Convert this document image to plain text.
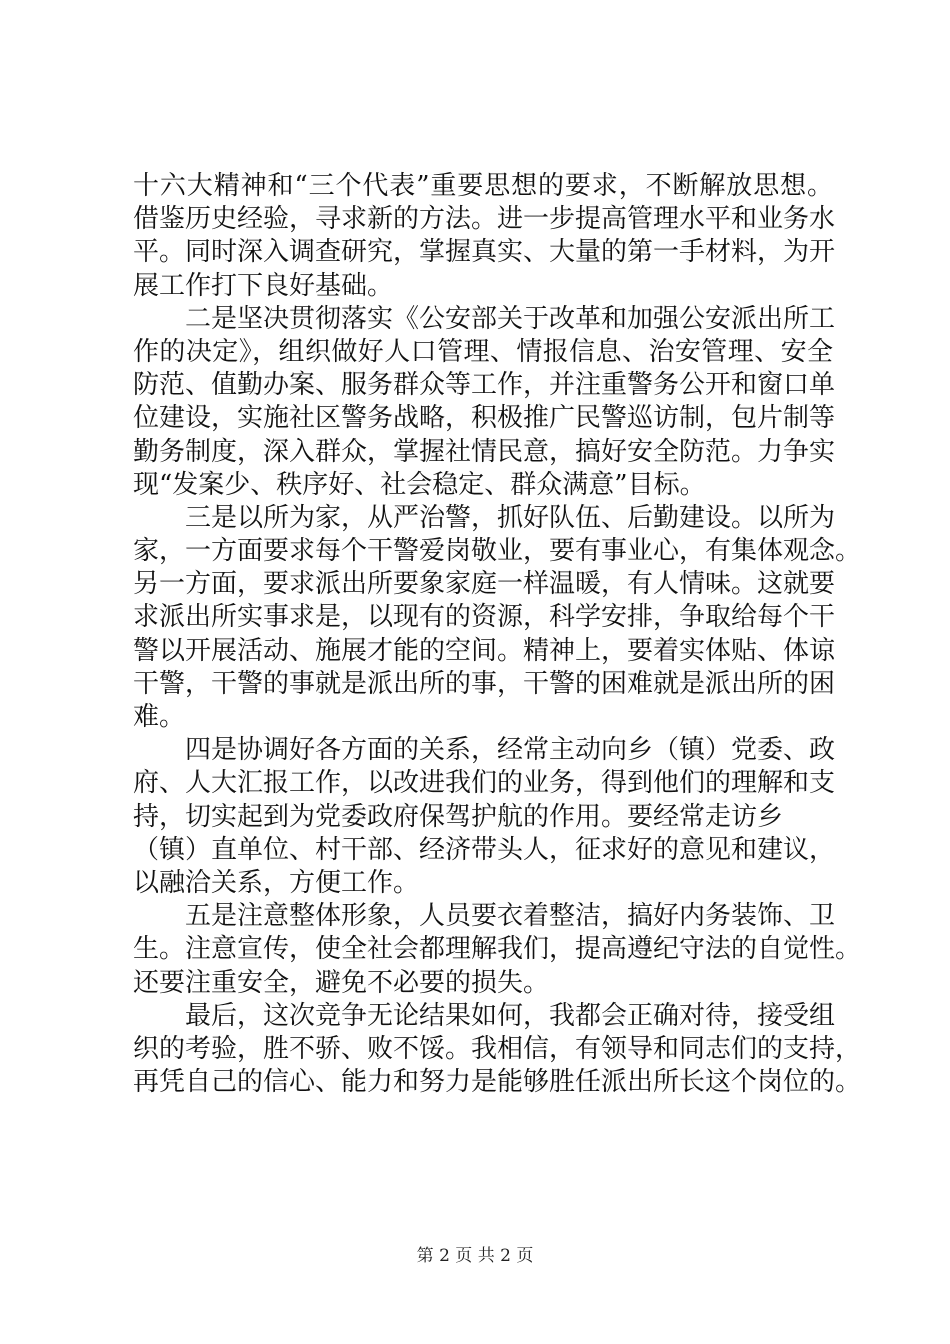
十六大精神和“三个代表”重要思想的要求，不断解放思想。
借鉴历史经验，寻求新的方法。进一步提高管理水平和业务水
平。同时深入调查研究，掌握真实、大量的第一手材料，为开
展工作打下良好基础。
二是坚决贯彻落实《公安部关于改革和加强公安派出所工
作的决定》，组织做好人口管理、情报信息、治安管理、安全
防范、值勤办案、服务群众等工作，并注重警务公开和窗口单
位建设，实施社区警务战略，积极推广民警巡访制，包片制等
勤务制度，深入群众，掌握社情民意，搞好安全防范。力争实
现“发案少、秩序好、社会稳定、群众满意”目标。
三是以所为家，从严治警，抓好队伍、后勤建设。以所为
家，一方面要求每个干警爱岗敬业，要有事业心，有集体观念。
另一方面，要求派出所要象家庭一样温暖，有人情味。这就要
求派出所实事求是，以现有的资源，科学安排，争取给每个干
警以开展活动、施展才能的空间。精神上，要着实体贴、体谅
干警，干警的事就是派出所的事，干警的困难就是派出所的困
难。
四是协调好各方面的关系，经常主动向乡（镇）党委、政
府、人大汇报工作，以改进我们的业务，得到他们的理解和支
持，切实起到为党委政府保驾护航的作用。要经常走访乡
（镇）直单位、村干部、经济带头人，征求好的意见和建议，
以融洽关系，方便工作。
五是注意整体形象，人员要衣着整洁，搞好内务装饰、卫
生。注意宣传，使全社会都理解我们，提高遵纪守法的自觉性。
还要注重安全，避免不必要的损失。
最后，这次竞争无论结果如何，我都会正确对待，接受组
织的考验，胜不骄、败不馁。我相信，有领导和同志们的支持，
再凭自己的信心、能力和努力是能够胜任派出所长这个岗位的。
第 2 页 共 2 页
